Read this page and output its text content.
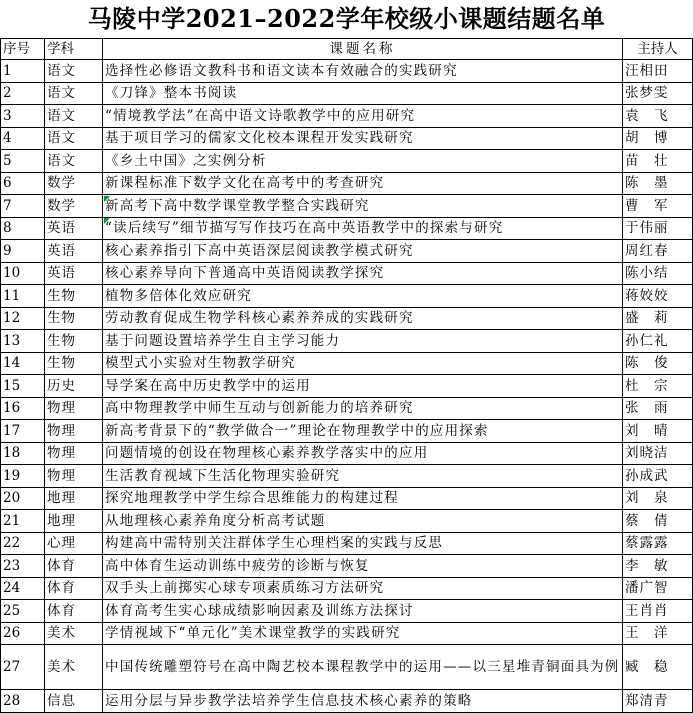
马陵中学2021–2022学年校级小课题结题名单
序号	学科	课题名称	主持人
1	语文	选择性必修语文教科书和语文读本有效融合的实践研究	汪相田
2	语文	《刀锋》整本书阅读	张梦雯
3	语文	“情境教学法”在高中语文诗歌教学中的应用研究	袁　飞
4	语文	基于项目学习的儒家文化校本课程开发实践研究	胡　博
5	语文	《乡土中国》之实例分析	苗　壮
6	数学	新课程标准下数学文化在高考中的考查研究	陈　墨
7	数学	新高考下高中数学课堂教学整合实践研究	曹　军
8	英语	“读后续写”细节描写写作技巧在高中英语教学中的探索与研究	于伟丽
9	英语	核心素养指引下高中英语深层阅读教学模式研究	周红春
10	英语	核心素养导向下普通高中英语阅读教学探究	陈小结
11	生物	植物多倍体化效应研究	蒋姣姣
12	生物	劳动教育促成生物学科核心素养养成的实践研究	盛　莉
13	生物	基于问题设置培养学生自主学习能力	孙仁礼
14	生物	模型式小实验对生物教学研究	陈　俊
15	历史	导学案在高中历史教学中的运用	杜　宗
16	物理	高中物理教学中师生互动与创新能力的培养研究	张　雨
17	物理	新高考背景下的“教学做合一”理论在物理教学中的应用探索	刘　晴
18	物理	问题情境的创设在物理核心素养教学落实中的应用	刘晓洁
19	物理	生活教育视域下生活化物理实验研究	孙成武
20	地理	探究地理教学中学生综合思维能力的构建过程	刘　泉
21	地理	从地理核心素养角度分析高考试题	蔡　倩
22	心理	构建高中需特别关注群体学生心理档案的实践与反思	蔡露露
23	体育	高中体育生运动训练中疲劳的诊断与恢复	李　敏
24	体育	双手头上前掷实心球专项素质练习方法研究	潘广智
25	体育	体育高考生实心球成绩影响因素及训练方法探讨	王肖肖
26	美术	学情视域下“单元化”美术课堂教学的实践研究	王　洋
27	美术	中国传统雕塑符号在高中陶艺校本课程教学中的运用——以三星堆青铜面具为例	臧　稳
28	信息	运用分层与异步教学法培养学生信息技术核心素养的策略	郑清青
